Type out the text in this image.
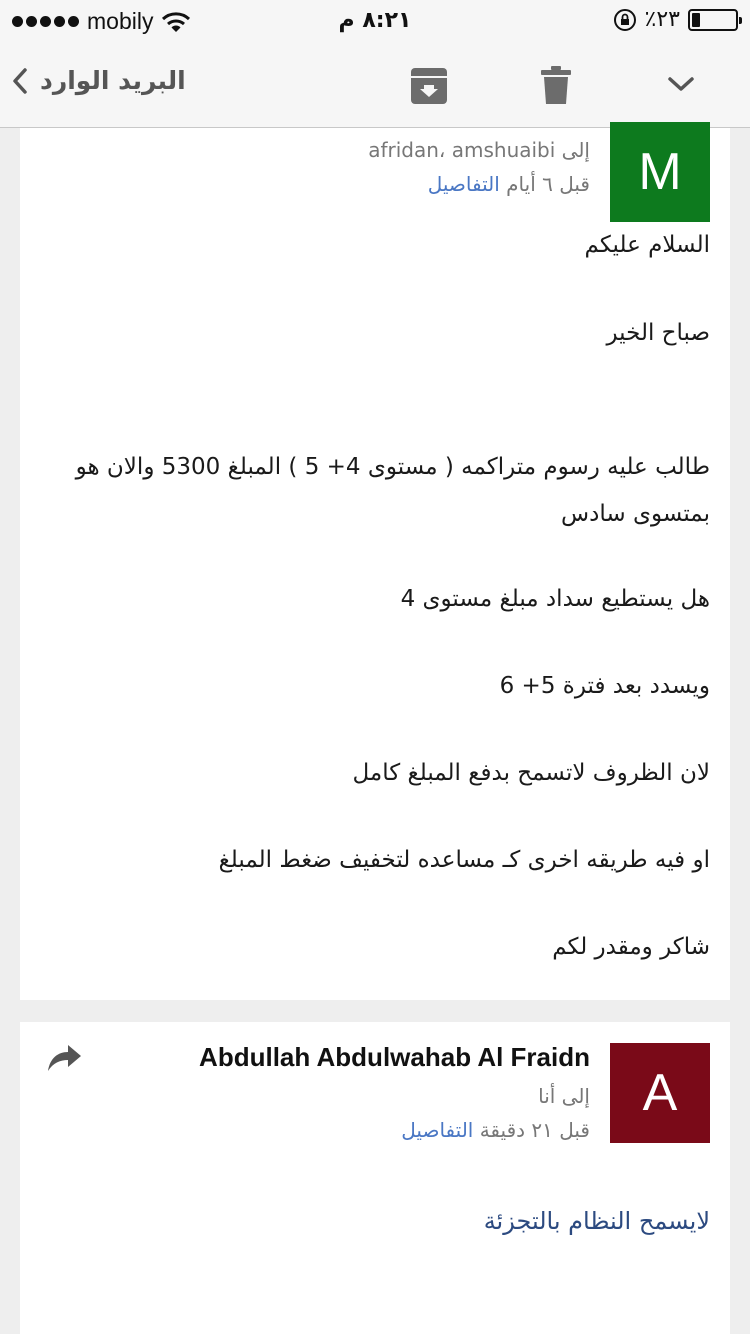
mobily	٨:٢١ م	٪٢٣
البريد الوارد
M
إلى afridan، amshuaibi
قبل ٦ أيام التفاصيل
السلام عليكم
صباح الخير
طالب عليه رسوم متراكمه ( مستوى 4+ 5 ) المبلغ 5300 والان هو
بمتسوى سادس
هل يستطيع سداد مبلغ مستوى 4
ويسدد بعد فترة 5+ 6
لان الظروف لاتسمح بدفع المبلغ كامل
او فيه طريقه اخرى كـ مساعده لتخفيف ضغط المبلغ
شاكر ومقدر لكم
A
Abdullah Abdulwahab Al Fraidn
إلى أنا
قبل ٢١ دقيقة التفاصيل
لايسمح النظام بالتجزئة
